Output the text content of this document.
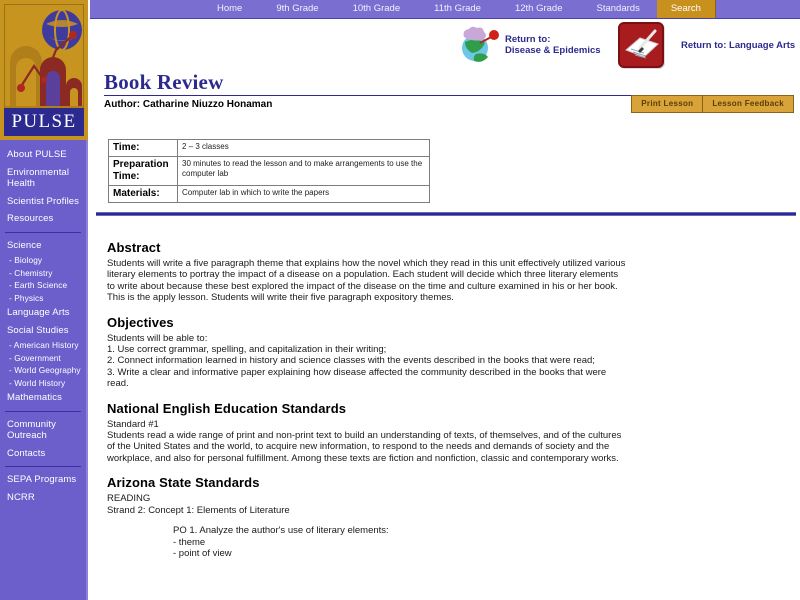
PULSE
About PULSE
Environmental Health
Scientist Profiles
Resources
Science
- Biology
- Chemistry
- Earth Science
- Physics
Language Arts
Social Studies
- American History
- Government
- World Geography
- World History
Mathematics
Community Outreach
Contacts
SEPA Programs
NCRR
Home	9th Grade	10th Grade	11th Grade	12th Grade	Standards	Search
Return to:
Disease & Epidemics	Return to: Language Arts
Book Review
Author: Catharine Niuzzo Honaman	Print Lesson	Lesson Feedback
Time:	2 – 3 classes
Preparation Time:	30 minutes to read the lesson and to make arrangements to use the computer lab
Materials:	Computer lab in which to write the papers
Abstract

Students will write a five paragraph theme that explains how the novel which they read in this unit effectively utilized various literary elements to portray the impact of a disease on a population. Each student will decide which three literary elements to write about because these best explored the impact of the disease on the time and culture examined in his or her book. This is the apply lesson. Students will write their five paragraph expository themes.

Objectives
Students will be able to:
1. Use correct grammar, spelling, and capitalization in their writing;
2. Connect information learned in history and science classes with the events described in the books that were read;
3. Write a clear and informative paper explaining how disease affected the community described in the books that were read.
National English Education Standards
Standard #1

Students read a wide range of print and non-print text to build an understanding of texts, of themselves, and of the cultures of the United States and the world, to acquire new information, to respond to the needs and demands of society and the workplace, and also for personal fulfillment. Among these texts are fiction and nonfiction, classic and contemporary works.

Arizona State Standards
READING
Strand 2: Concept 1: Elements of Literature
PO 1. Analyze the author's use of literary elements:
- theme
- point of view
